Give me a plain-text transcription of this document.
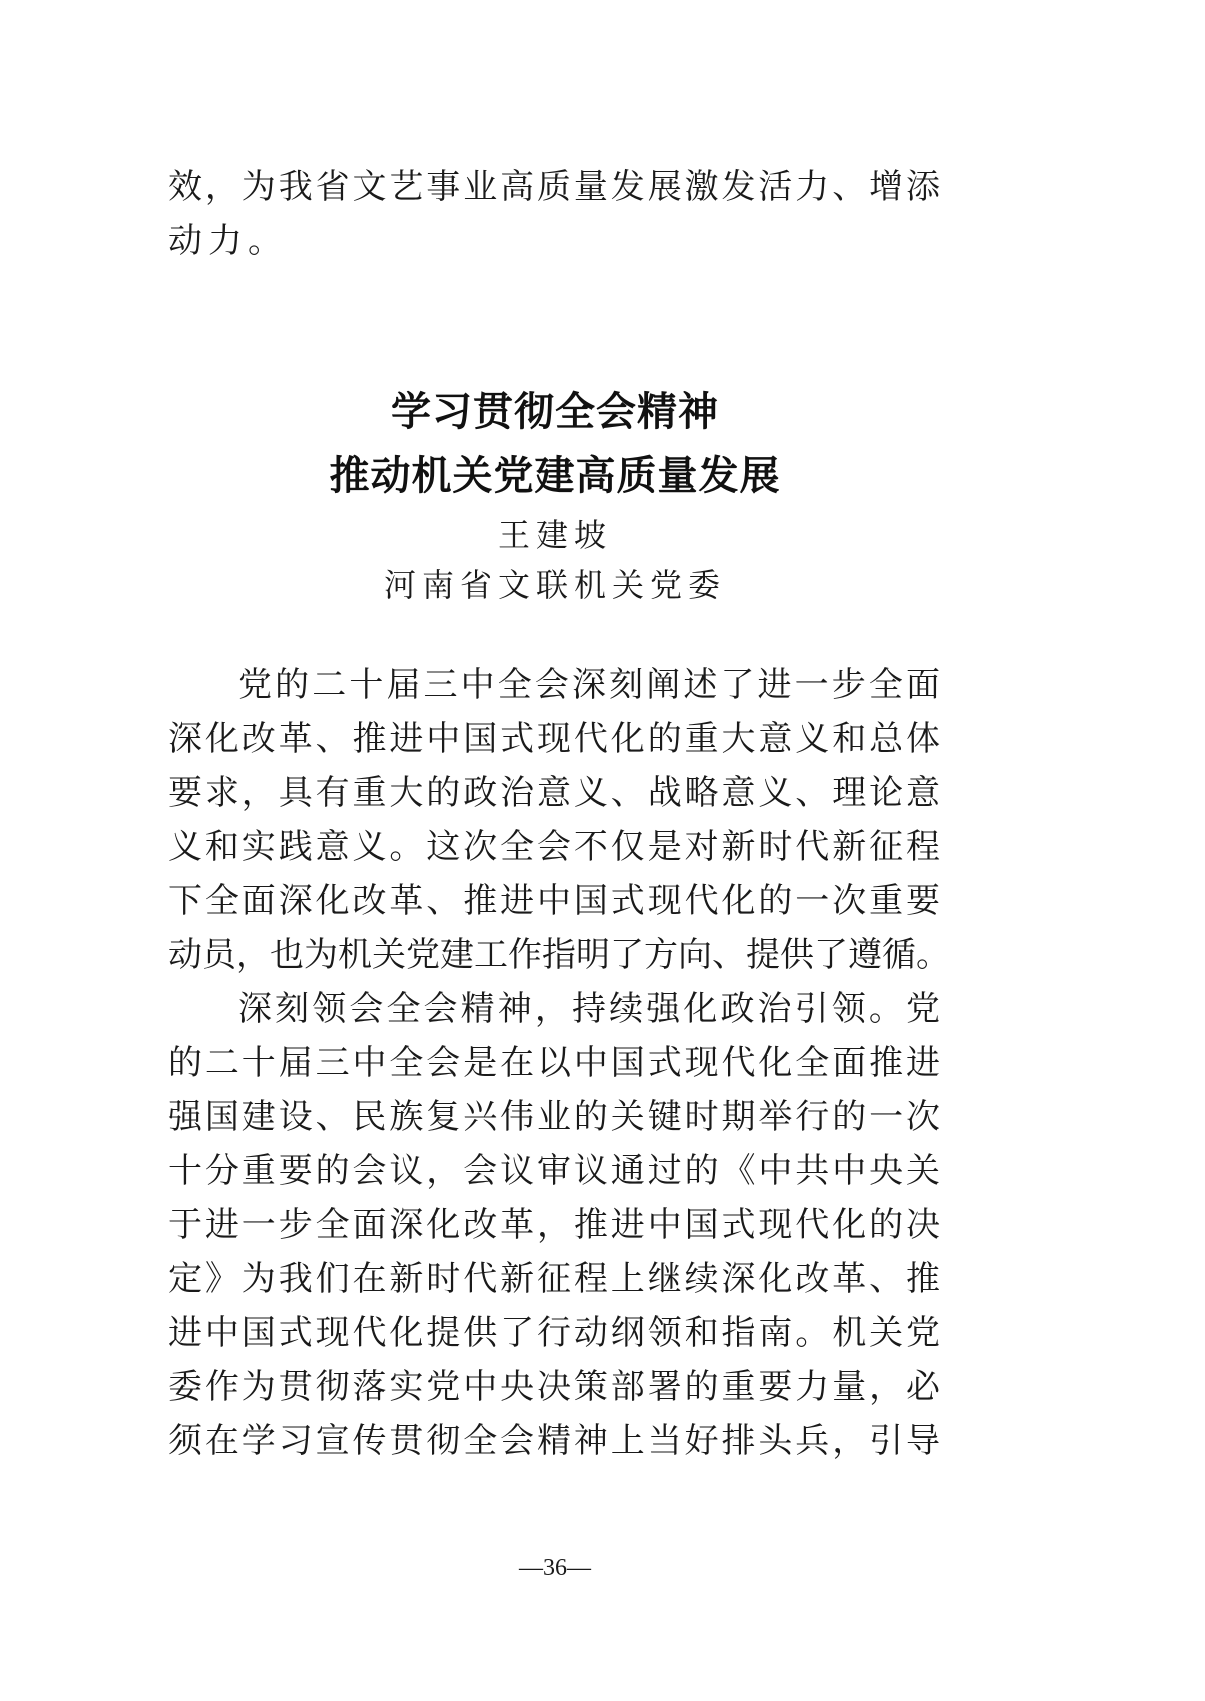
效，为我省文艺事业高质量发展激发活力、增添
动力。
学习贯彻全会精神
推动机关党建高质量发展
王建坡
河南省文联机关党委
党的二十届三中全会深刻阐述了进一步全面
深化改革、推进中国式现代化的重大意义和总体
要求，具有重大的政治意义、战略意义、理论意
义和实践意义。这次全会不仅是对新时代新征程
下全面深化改革、推进中国式现代化的一次重要
动员，也为机关党建工作指明了方向、提供了遵循。
深刻领会全会精神，持续强化政治引领。党
的二十届三中全会是在以中国式现代化全面推进
强国建设、民族复兴伟业的关键时期举行的一次
十分重要的会议，会议审议通过的《中共中央关
于进一步全面深化改革，推进中国式现代化的决
定》为我们在新时代新征程上继续深化改革、推
进中国式现代化提供了行动纲领和指南。机关党
委作为贯彻落实党中央决策部署的重要力量，必
须在学习宣传贯彻全会精神上当好排头兵，引导
—36—
